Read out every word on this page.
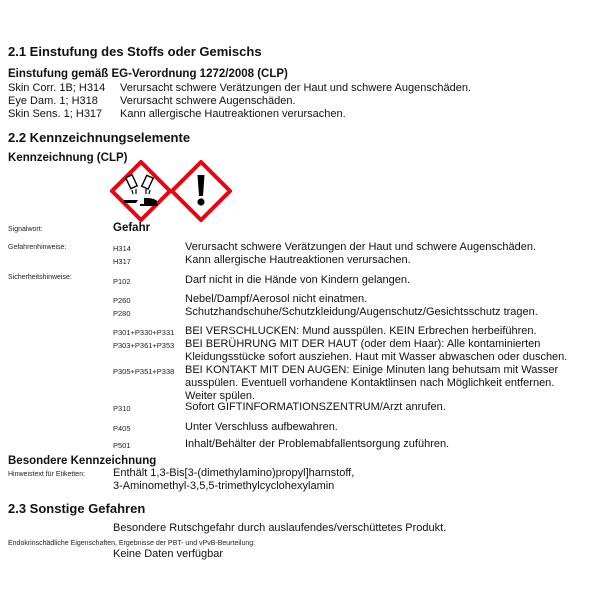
2.1 Einstufung des Stoffs oder Gemischs
Einstufung gemäß EG-Verordnung 1272/2008 (CLP)
Skin Corr. 1B; H314 Verursacht schwere Verätzungen der Haut und schwere Augenschäden.
Eye Dam. 1; H318 Verursacht schwere Augenschäden.
Skin Sens. 1; H317 Kann allergische Hautreaktionen verursachen.
2.2 Kennzeichnungselemente
Kennzeichnung (CLP)
Signalwort:	Gefahr
Gefahrenhinweise:	H314	Verursacht schwere Verätzungen der Haut und schwere Augenschäden.
H317	Kann allergische Hautreaktionen verursachen.
Sicherheitshinweise:	P102	Darf nicht in die Hände von Kindern gelangen.
P260	Nebel/Dampf/Aerosol nicht einatmen.
P280	Schutzhandschuhe/Schutzkleidung/Augenschutz/Gesichtsschutz tragen.
P301+P330+P331 BEI VERSCHLUCKEN: Mund ausspülen. KEIN Erbrechen herbeiführen.
P303+P361+P353 BEI BERÜHRUNG MIT DER HAUT (oder dem Haar): Alle kontaminierten
Kleidungsstücke sofort ausziehen. Haut mit Wasser abwaschen oder duschen.
P305+P351+P338 BEI KONTAKT MIT DEN AUGEN: Einige Minuten lang behutsam mit Wasser
ausspülen. Eventuell vorhandene Kontaktlinsen nach Möglichkeit entfernen.
Weiter spülen.
P310	Sofort GIFTINFORMATIONSZENTRUM/Arzt anrufen.
P405	Unter Verschluss aufbewahren.
P501	Inhalt/Behälter der Problemabfallentsorgung zuführen.
Besondere Kennzeichnung
Hinweistext für Etiketten:	Enthält 1,3-Bis[3-(dimethylamino)propyl]harnstoff,
3-Aminomethyl-3,5,5-trimethylcyclohexylamin
2.3 Sonstige Gefahren
Besondere Rutschgefahr durch auslaufendes/verschüttetes Produkt.
Endokrinschädliche Eigenschaften, Ergebnisse der PBT- und vPvB-Beurteilung:
Keine Daten verfügbar
